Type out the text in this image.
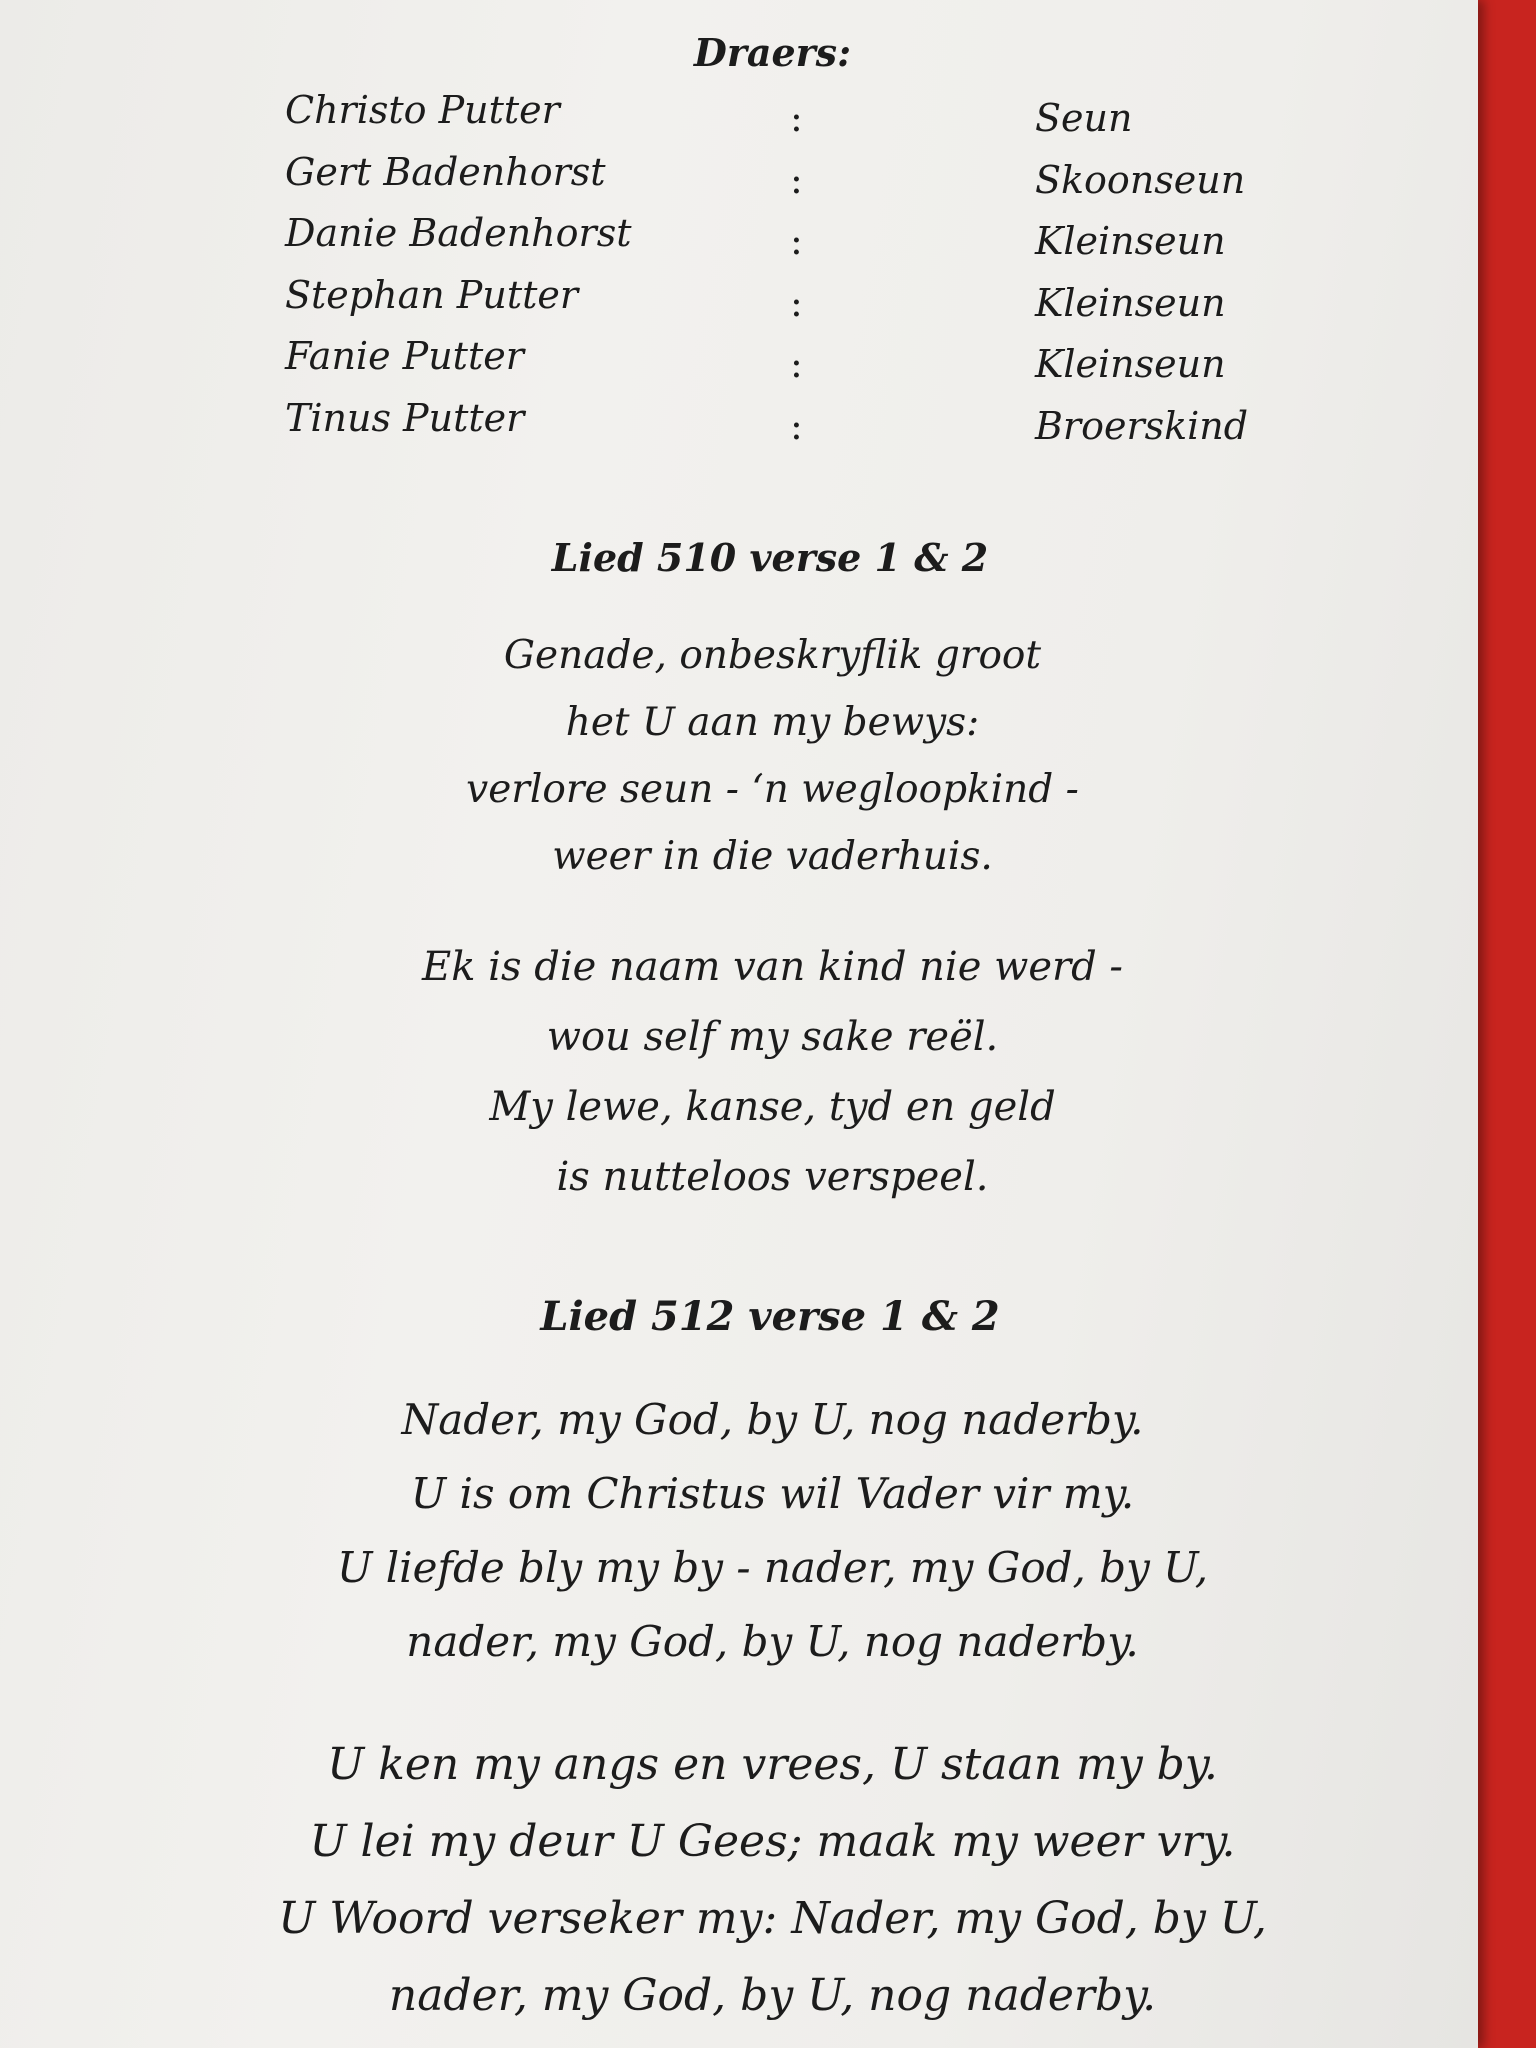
Draers:
Christo Putter	:	Seun
Gert Badenhorst	:	Skoonseun
Danie Badenhorst	:	Kleinseun
Stephan Putter	:	Kleinseun
Fanie Putter	:	Kleinseun
Tinus Putter	:	Broerskind
Lied 510 verse 1 & 2

Genade, onbeskryflik groot
het U aan my bewys:
verlore seun - ‘n wegloopkind -
weer in die vaderhuis.

Ek is die naam van kind nie werd -
wou self my sake reël.
My lewe, kanse, tyd en geld
is nutteloos verspeel.

Lied 512 verse 1 & 2

Nader, my God, by U, nog naderby.
U is om Christus wil Vader vir my.
U liefde bly my by - nader, my God, by U,
nader, my God, by U, nog naderby.

U ken my angs en vrees, U staan my by.
U lei my deur U Gees; maak my weer vry.
U Woord verseker my: Nader, my God, by U,
nader, my God, by U, nog naderby.
